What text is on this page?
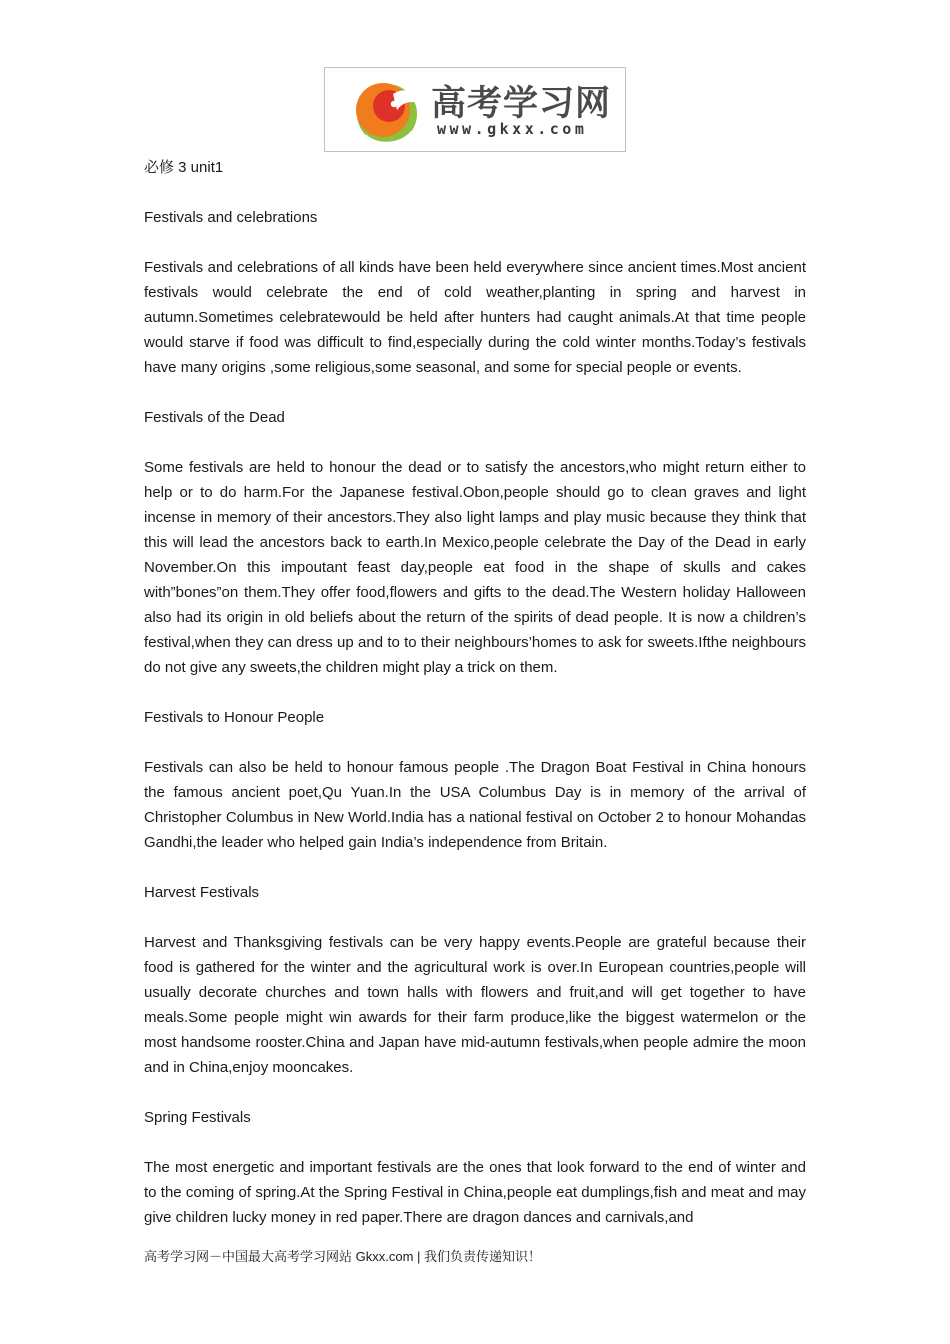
高考学习网
www.gkxx.com

必修 3 unit1

Festivals and celebrations

Festivals and celebrations of all kinds have been held everywhere since ancient times.Most ancient festivals would celebrate the end of cold weather,planting in spring and harvest in autumn.Sometimes celebratewould be held after hunters had caught animals.At that time people would starve if food was difficult to find,especially during the cold winter months.Today’s festivals have many origins ,some religious,some seasonal, and some for special people or events.

Festivals of the Dead

Some festivals are held to honour the dead or to satisfy the ancestors,who might return either to help or to do harm.For the Japanese festival.Obon,people should go to clean graves and light incense in memory of their ancestors.They also light lamps and play music because they think that this will lead the ancestors back to earth.In Mexico,people celebrate the Day of the Dead in early November.On this impoutant feast day,people eat food in the shape of skulls and cakes with”bones”on them.They offer food,flowers and gifts to the dead.The Western holiday Halloween also had its origin in old beliefs about the return of the spirits of dead people. It is now a children’s festival,when they can dress up and to to their neighbours’homes to ask for sweets.Ifthe neighbours do not give any sweets,the children might play a trick on them.

Festivals to Honour People

Festivals can also be held to honour famous people .The Dragon Boat Festival in China honours the famous ancient poet,Qu Yuan.In the USA Columbus Day is in memory of the arrival of Christopher Columbus in New World.India has a national festival on October 2 to honour Mohandas Gandhi,the leader who helped gain India’s independence from Britain.

Harvest Festivals

Harvest and Thanksgiving festivals can be very happy events.People are grateful because their food is gathered for the winter and the agricultural work is over.In European countries,people will usually decorate churches and town halls with flowers and fruit,and will get together to have meals.Some people might win awards for their farm produce,like the biggest watermelon or the most handsome rooster.China and Japan have mid-autumn festivals,when people admire the moon and in China,enjoy mooncakes.

Spring Festivals

The most energetic and important festivals are the ones that look forward to the end of winter and to the coming of spring.At the Spring Festival in China,people eat dumplings,fish and meat and may give children lucky money in red paper.There are dragon dances and carnivals,and

高考学习网－中国最大高考学习网站 Gkxx.com | 我们负责传递知识！
